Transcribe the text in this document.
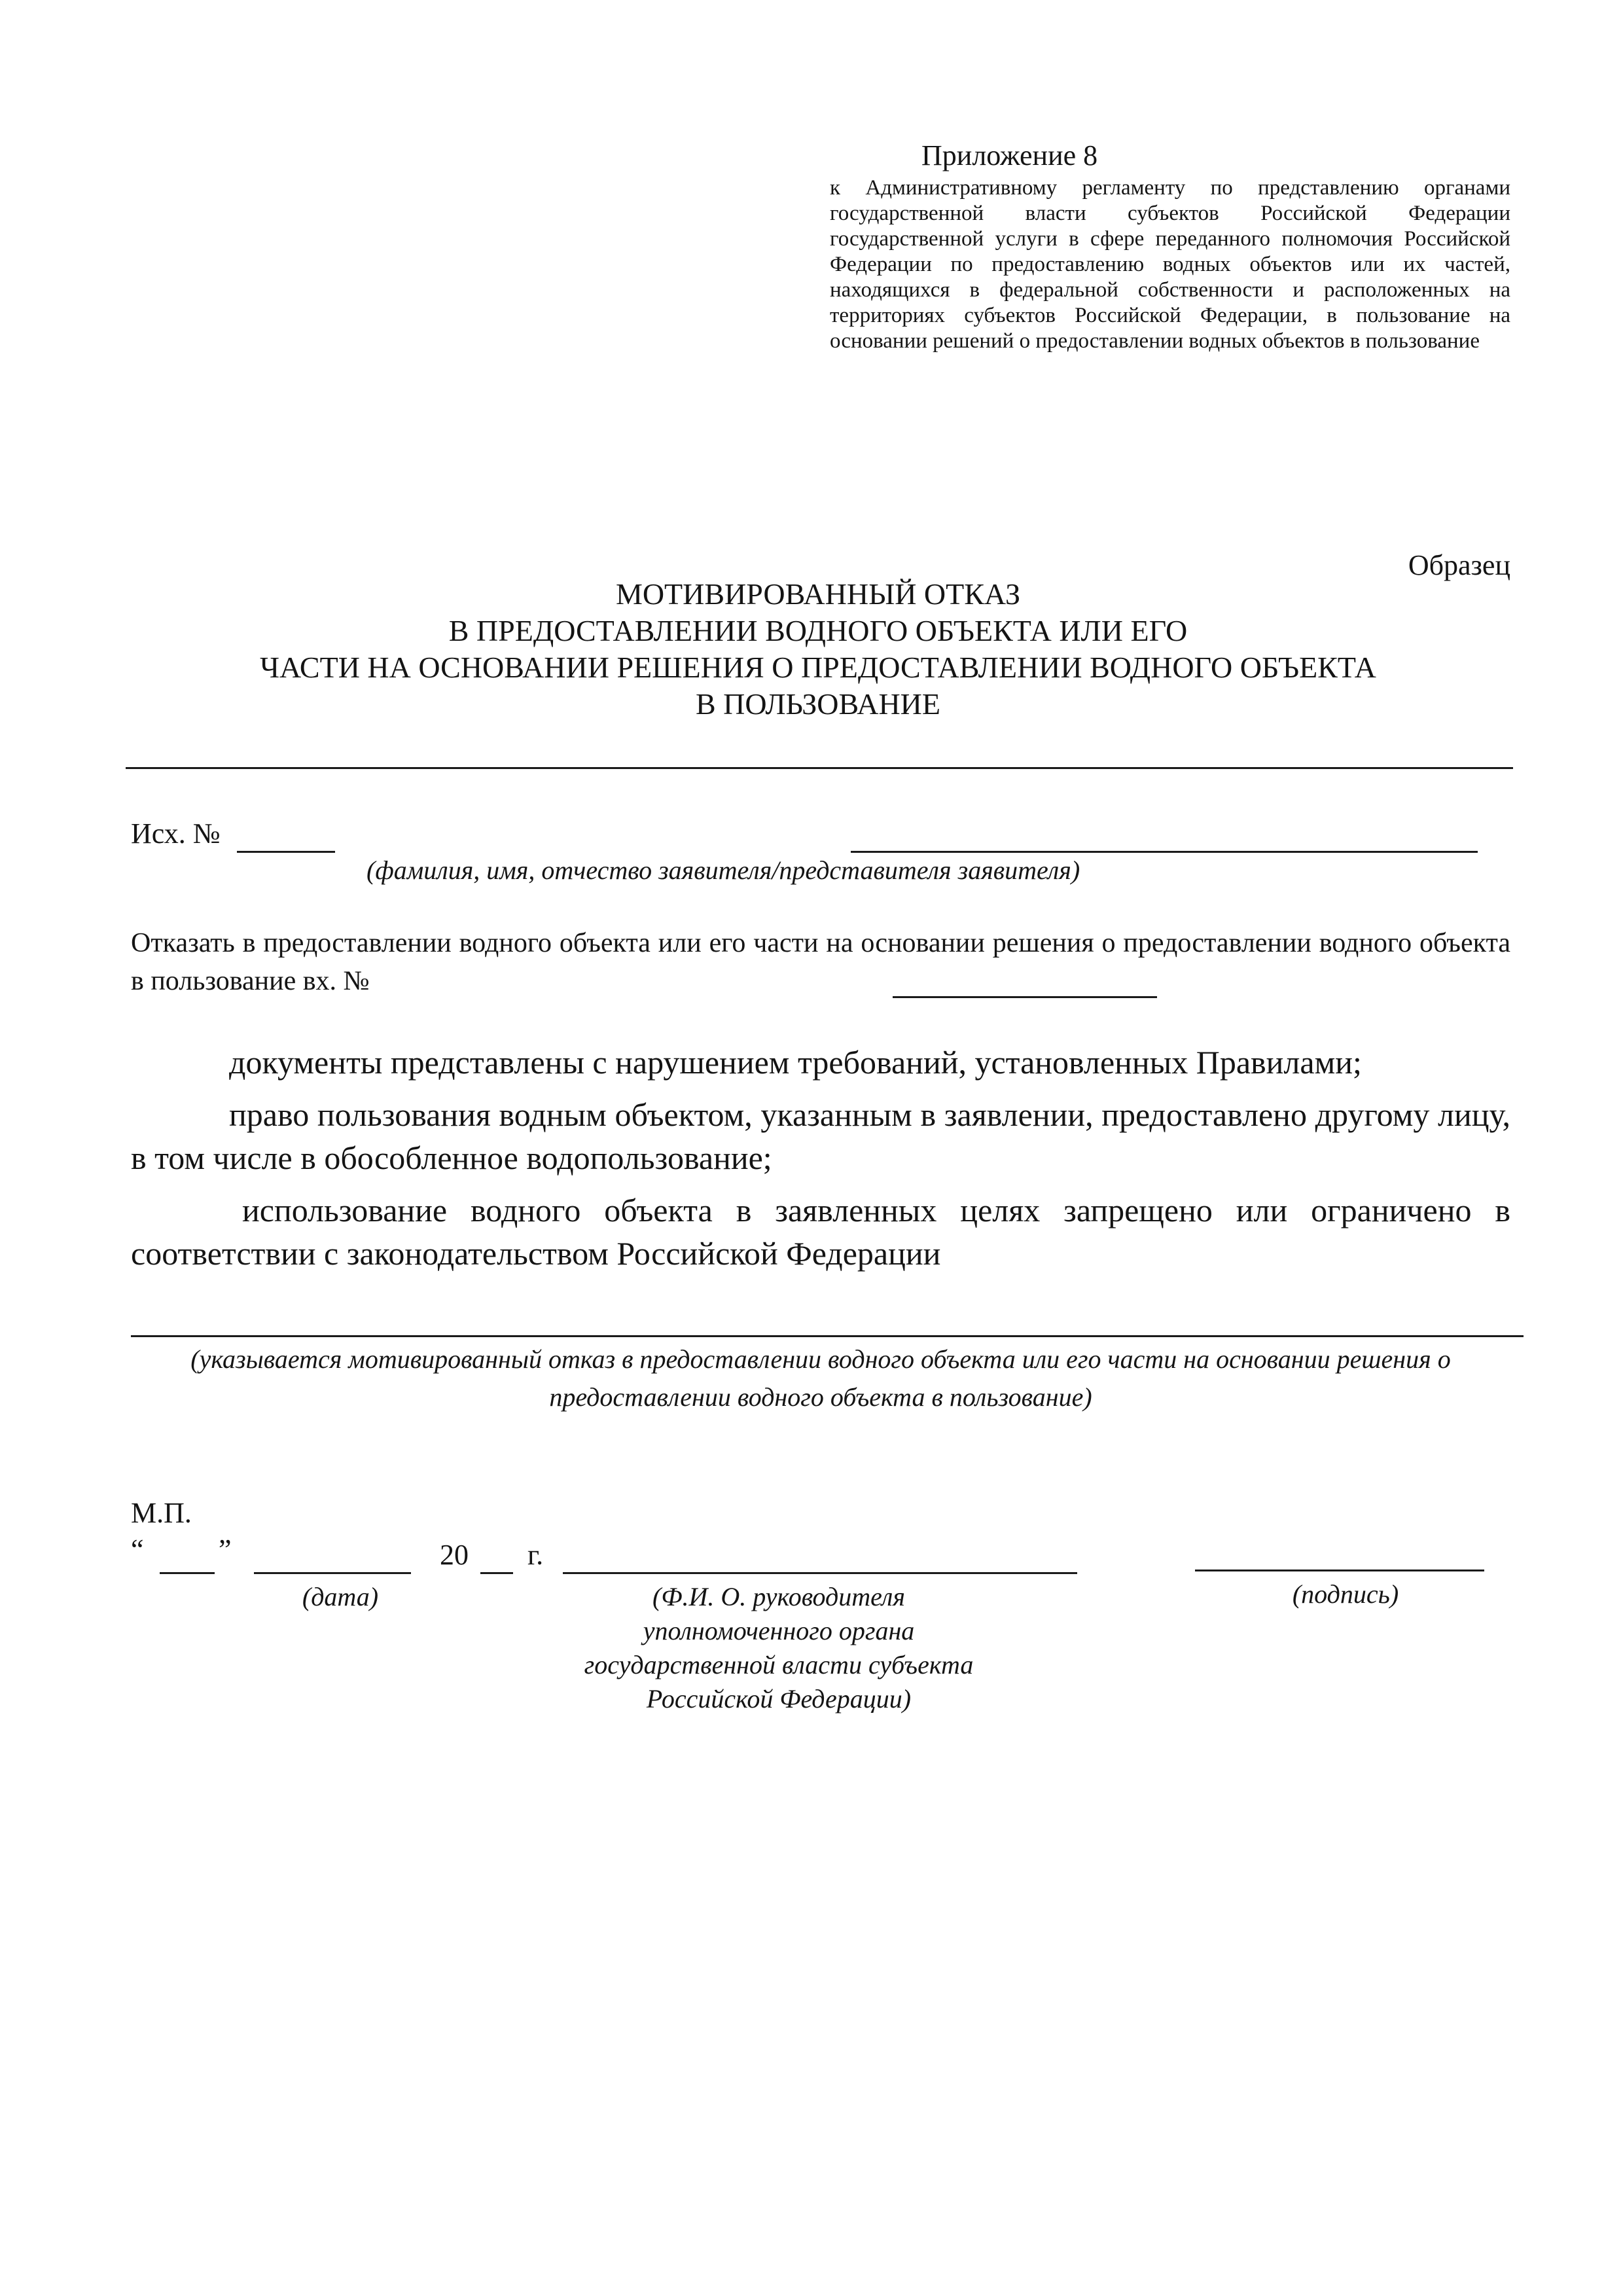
Приложение 8
к Административному регламенту по представлению органами государственной власти субъектов Российской Федерации государственной услуги в сфере переданного полномочия Российской Федерации по предоставлению водных объектов или их частей, находящихся в федеральной собственности и расположенных на территориях субъектов Российской Федерации, в пользование на основании решений о предоставлении водных объектов в пользование
Образец
МОТИВИРОВАННЫЙ ОТКАЗ
В ПРЕДОСТАВЛЕНИИ ВОДНОГО ОБЪЕКТА ИЛИ ЕГО
ЧАСТИ НА ОСНОВАНИИ РЕШЕНИЯ О ПРЕДОСТАВЛЕНИИ ВОДНОГО ОБЪЕКТА
В ПОЛЬЗОВАНИЕ
Исх. №
(фамилия, имя, отчество заявителя/представителя заявителя)
Отказать в предоставлении водного объекта или его части на основании решения о предоставлении водного объекта в пользование вх. №

документы представлены с нарушением требований, установленных Правилами;

право пользования водным объектом, указанным в заявлении, предоставлено другому лицу, в том числе в обособленное водопользование;

использование водного объекта в заявленных целях запрещено или ограничено в соответствии с законодательством Российской Федерации

(указывается мотивированный отказ в предоставлении водного объекта или его части на основании решения о предоставлении водного объекта в пользование)
М.П.
“	”	20 г.
(дата)	(Ф.И. О. руководителя уполномоченного органа государственной власти субъекта Российской Федерации)
(подпись)
